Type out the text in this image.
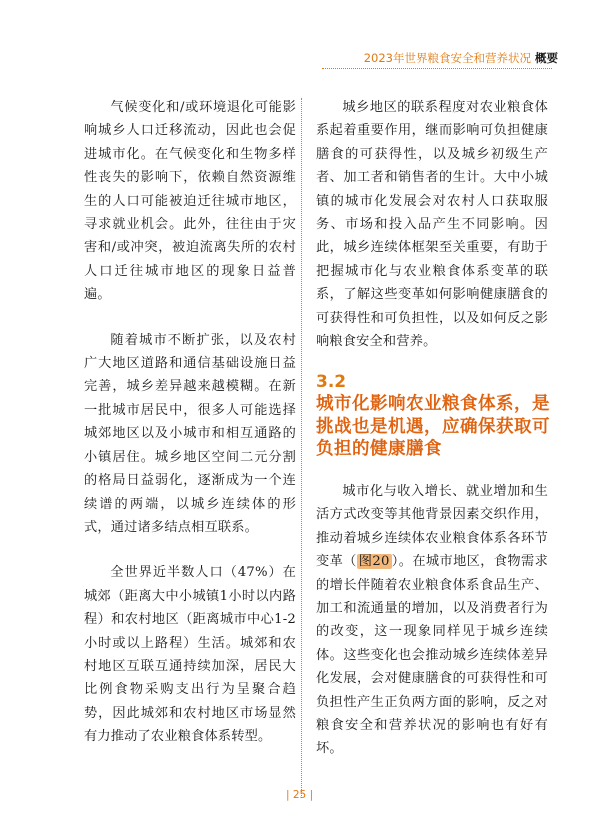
2023年世界粮食安全和营养状况 概要

气候变化和/或环境退化可能影响城乡人口迁移流动，因此也会促进城市化。在气候变化和生物多样性丧失的影响下，依赖自然资源维生的人口可能被迫迁往城市地区，寻求就业机会。此外，往往由于灾害和/或冲突，被迫流离失所的农村人口迁往城市地区的现象日益普遍。

随着城市不断扩张，以及农村广大地区道路和通信基础设施日益完善，城乡差异越来越模糊。在新一批城市居民中，很多人可能选择城郊地区以及小城市和相互通路的小镇居住。城乡地区空间二元分割的格局日益弱化，逐渐成为一个连续谱的两端，以城乡连续体的形式，通过诸多结点相互联系。

全世界近半数人口（47%）在城郊（距离大中小城镇1小时以内路程）和农村地区（距离城市中心1-2小时或以上路程）生活。城郊和农村地区互联互通持续加深，居民大比例食物采购支出行为呈聚合趋势，因此城郊和农村地区市场显然有力推动了农业粮食体系转型。

城乡地区的联系程度对农业粮食体系起着重要作用，继而影响可负担健康膳食的可获得性，以及城乡初级生产者、加工者和销售者的生计。大中小城镇的城市化发展会对农村人口获取服务、市场和投入品产生不同影响。因此，城乡连续体框架至关重要，有助于把握城市化与农业粮食体系变革的联系，了解这些变革如何影响健康膳食的可获得性和可负担性，以及如何反之影响粮食安全和营养。

3.2
城市化影响农业粮食体系，是挑战也是机遇，应确保获取可负担的健康膳食

城市化与收入增长、就业增加和生活方式改变等其他背景因素交织作用，推动着城乡连续体农业粮食体系各环节变革（ 图20 ）。在城市地区，食物需求的增长伴随着农业粮食体系食品生产、加工和流通量的增加，以及消费者行为的改变，这一现象同样见于城乡连续体。这些变化也会推动城乡连续体差异化发展，会对健康膳食的可获得性和可负担性产生正负两方面的影响，反之对粮食安全和营养状况的影响也有好有坏。

| 25 |
